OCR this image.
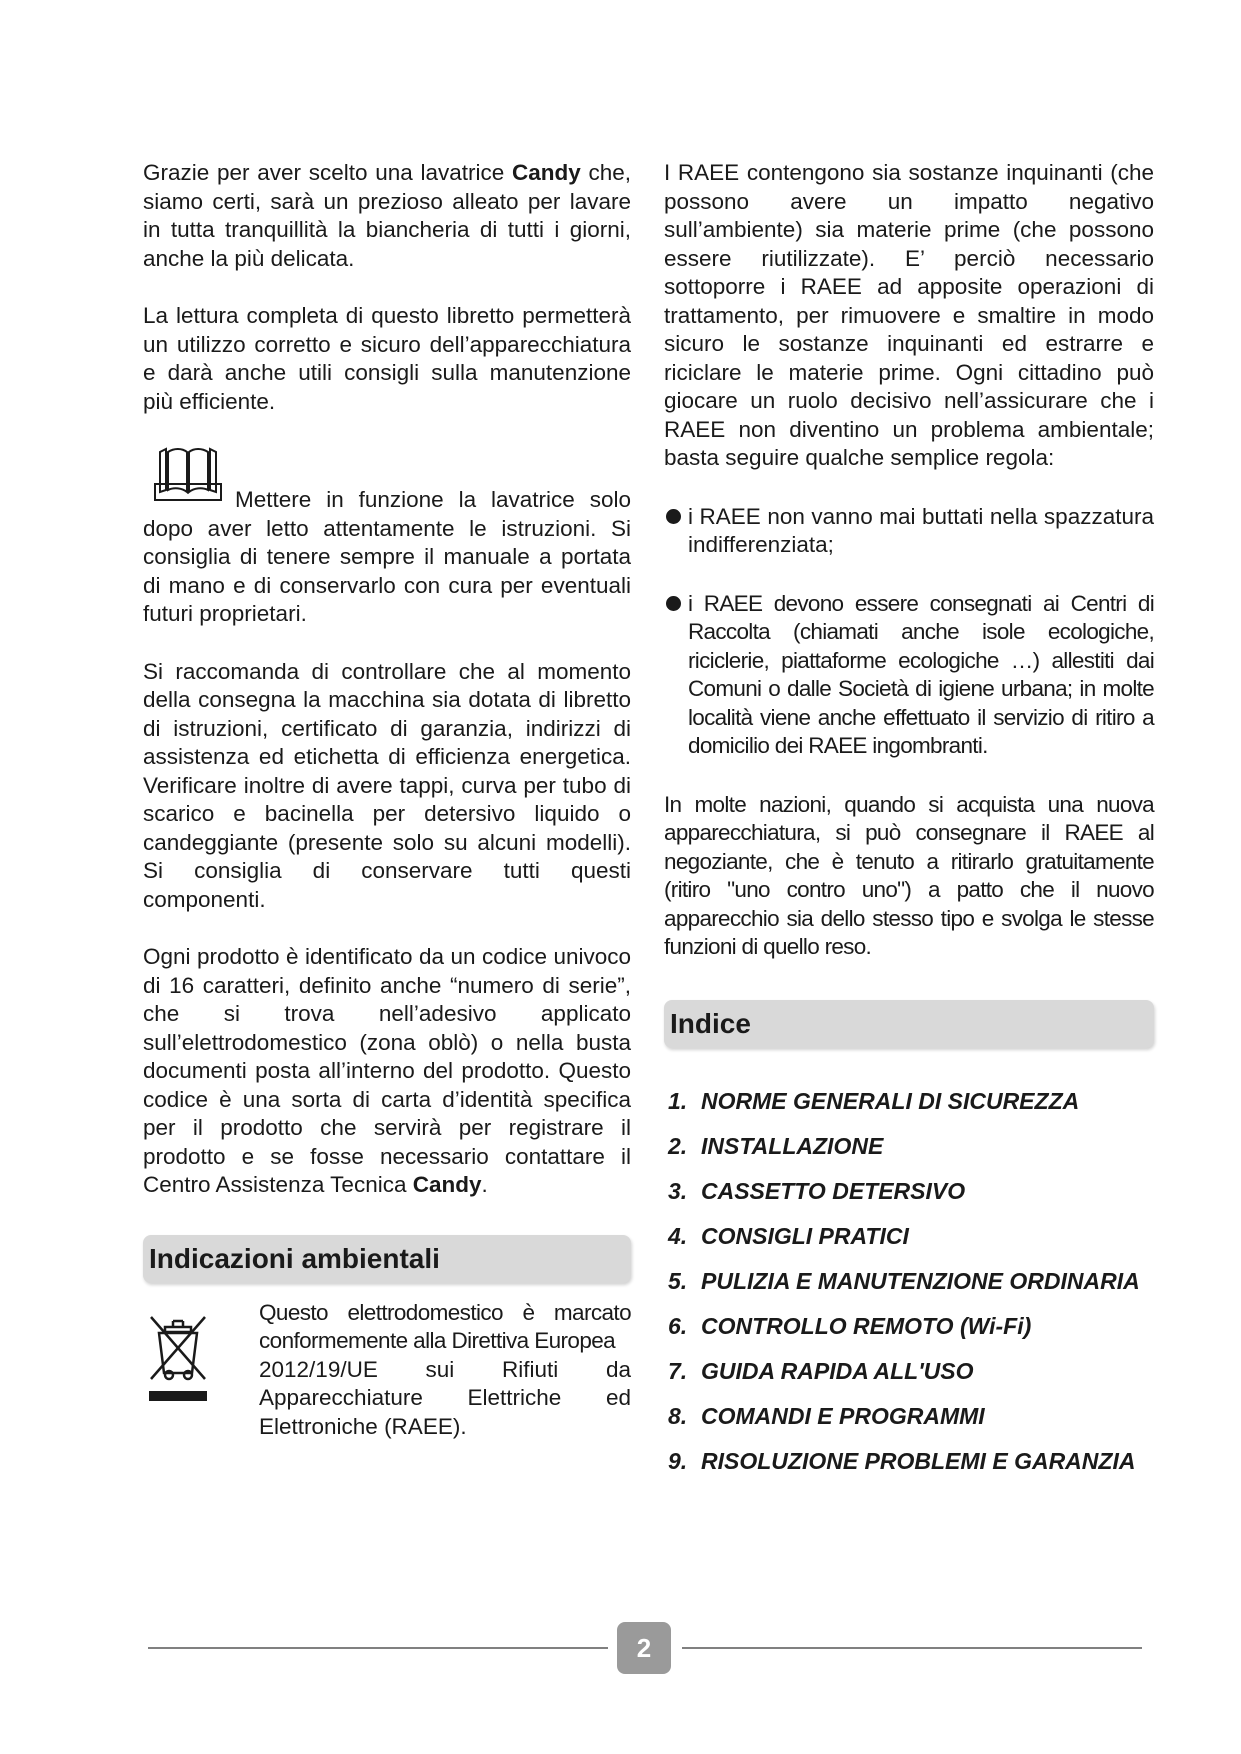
Grazie per aver scelto una lavatrice Candy che, siamo certi, sarà un prezioso alleato per lavare in tutta tranquillità la biancheria di tutti i giorni, anche la più delicata.

La lettura completa di questo libretto permetterà un utilizzo corretto e sicuro dell’apparecchiatura e darà anche utili consigli sulla manutenzione più efficiente.

Mettere in funzione la lavatrice solo dopo aver letto attentamente le istruzioni. Si consiglia di tenere sempre il manuale a portata di mano e di conservarlo con cura per eventuali futuri proprietari.

Si raccomanda di controllare che al momento della consegna la macchina sia dotata di libretto di istruzioni, certificato di garanzia, indirizzi di assistenza ed etichetta di efficienza energetica. Verificare inoltre di avere tappi, curva per tubo di scarico e bacinella per detersivo liquido o candeggiante (presente solo su alcuni modelli). Si consiglia di conservare tutti questi componenti.

Ogni prodotto è identificato da un codice univoco di 16 caratteri, definito anche “numero di serie”, che si trova nell’adesivo applicato sull’elettrodomestico (zona oblò) o nella busta documenti posta all’interno del prodotto. Questo codice è una sorta di carta d’identità specifica per il prodotto che servirà per registrare il prodotto e se fosse necessario contattare il Centro Assistenza Tecnica Candy.

Indicazioni ambientali

Questo elettrodomestico è marcato conformemente alla Direttiva Europea

2012/19/UE sui Rifiuti da Apparecchiature Elettriche ed Elettroniche (RAEE).

I RAEE contengono sia sostanze inquinanti (che possono avere un impatto negativo sull’ambiente) sia materie prime (che possono essere riutilizzate). E’ perciò necessario sottoporre i RAEE ad apposite operazioni di trattamento, per rimuovere e smaltire in modo sicuro le sostanze inquinanti ed estrarre e riciclare le materie prime. Ogni cittadino può giocare un ruolo decisivo nell’assicurare che i RAEE non diventino un problema ambientale; basta seguire qualche semplice regola:

i RAEE non vanno mai buttati nella spazzatura indifferenziata;

i RAEE devono essere consegnati ai Centri di Raccolta (chiamati anche isole ecologiche, riciclerie, piattaforme ecologiche …) allestiti dai Comuni o dalle Società di igiene urbana; in molte località viene anche effettuato il servizio di ritiro a domicilio dei RAEE ingombranti.

In molte nazioni, quando si acquista una nuova apparecchiatura, si può consegnare il RAEE al negoziante, che è tenuto a ritirarlo gratuitamente (ritiro "uno contro uno") a patto che il nuovo apparecchio sia dello stesso tipo e svolga le stesse funzioni di quello reso.

Indice
1. NORME GENERALI DI SICUREZZA
2. INSTALLAZIONE
3. CASSETTO DETERSIVO
4. CONSIGLI PRATICI
5. PULIZIA E MANUTENZIONE ORDINARIA
6. CONTROLLO REMOTO (Wi-Fi)
7. GUIDA RAPIDA ALL'USO
8. COMANDI E PROGRAMMI
9. RISOLUZIONE PROBLEMI E GARANZIA
2
